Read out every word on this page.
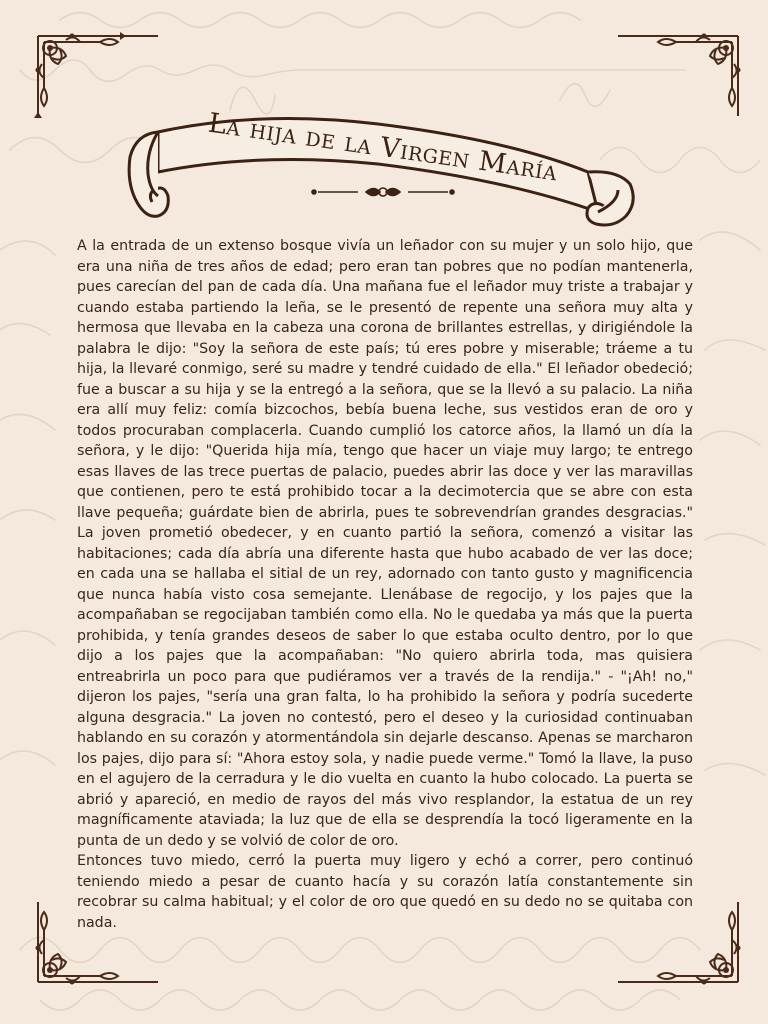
La hija de la Virgen María

A la entrada de un extenso bosque vivía un leñador con su mujer y un solo hijo, que era una niña de tres años de edad; pero eran tan pobres que no podían mantenerla, pues carecían del pan de cada día. Una mañana fue el leñador muy triste a trabajar y cuando estaba partiendo la leña, se le presentó de repente una señora muy alta y hermosa que llevaba en la cabeza una corona de brillantes estrellas, y dirigiéndole la palabra le dijo: "Soy la señora de este país; tú eres pobre y miserable; tráeme a tu hija, la llevaré conmigo, seré su madre y tendré cuidado de ella." El leñador obedeció; fue a buscar a su hija y se la entregó a la señora, que se la llevó a su palacio. La niña era allí muy feliz: comía bizcochos, bebía buena leche, sus vestidos eran de oro y todos procuraban complacerla. Cuando cumplió los catorce años, la llamó un día la señora, y le dijo: "Querida hija mía, tengo que hacer un viaje muy largo; te entrego esas llaves de las trece puertas de palacio, puedes abrir las doce y ver las maravillas que contienen, pero te está prohibido tocar a la decimotercia que se abre con esta llave pequeña; guárdate bien de abrirla, pues te sobrevendrían grandes desgracias." La joven prometió obedecer, y en cuanto partió la señora, comenzó a visitar las habitaciones; cada día abría una diferente hasta que hubo acabado de ver las doce; en cada una se hallaba el sitial de un rey, adornado con tanto gusto y magnificencia que nunca había visto cosa semejante. Llenábase de regocijo, y los pajes que la acompañaban se regocijaban también como ella. No le quedaba ya más que la puerta prohibida, y tenía grandes deseos de saber lo que estaba oculto dentro, por lo que dijo a los pajes que la acompañaban: "No quiero abrirla toda, mas quisiera entreabrirla un poco para que pudiéramos ver a través de la rendija." - "¡Ah! no," dijeron los pajes, "sería una gran falta, lo ha prohibido la señora y podría sucederte alguna desgracia." La joven no contestó, pero el deseo y la curiosidad continuaban hablando en su corazón y atormentándola sin dejarle descanso. Apenas se marcharon los pajes, dijo para sí: "Ahora estoy sola, y nadie puede verme." Tomó la llave, la puso en el agujero de la cerradura y le dio vuelta en cuanto la hubo colocado. La puerta se abrió y apareció, en medio de rayos del más vivo resplandor, la estatua de un rey magníficamente ataviada; la luz que de ella se desprendía la tocó ligeramente en la punta de un dedo y se volvió de color de oro.

Entonces tuvo miedo, cerró la puerta muy ligero y echó a correr, pero continuó teniendo miedo a pesar de cuanto hacía y su corazón latía constantemente sin recobrar su calma habitual; y el color de oro que quedó en su dedo no se quitaba con nada.
